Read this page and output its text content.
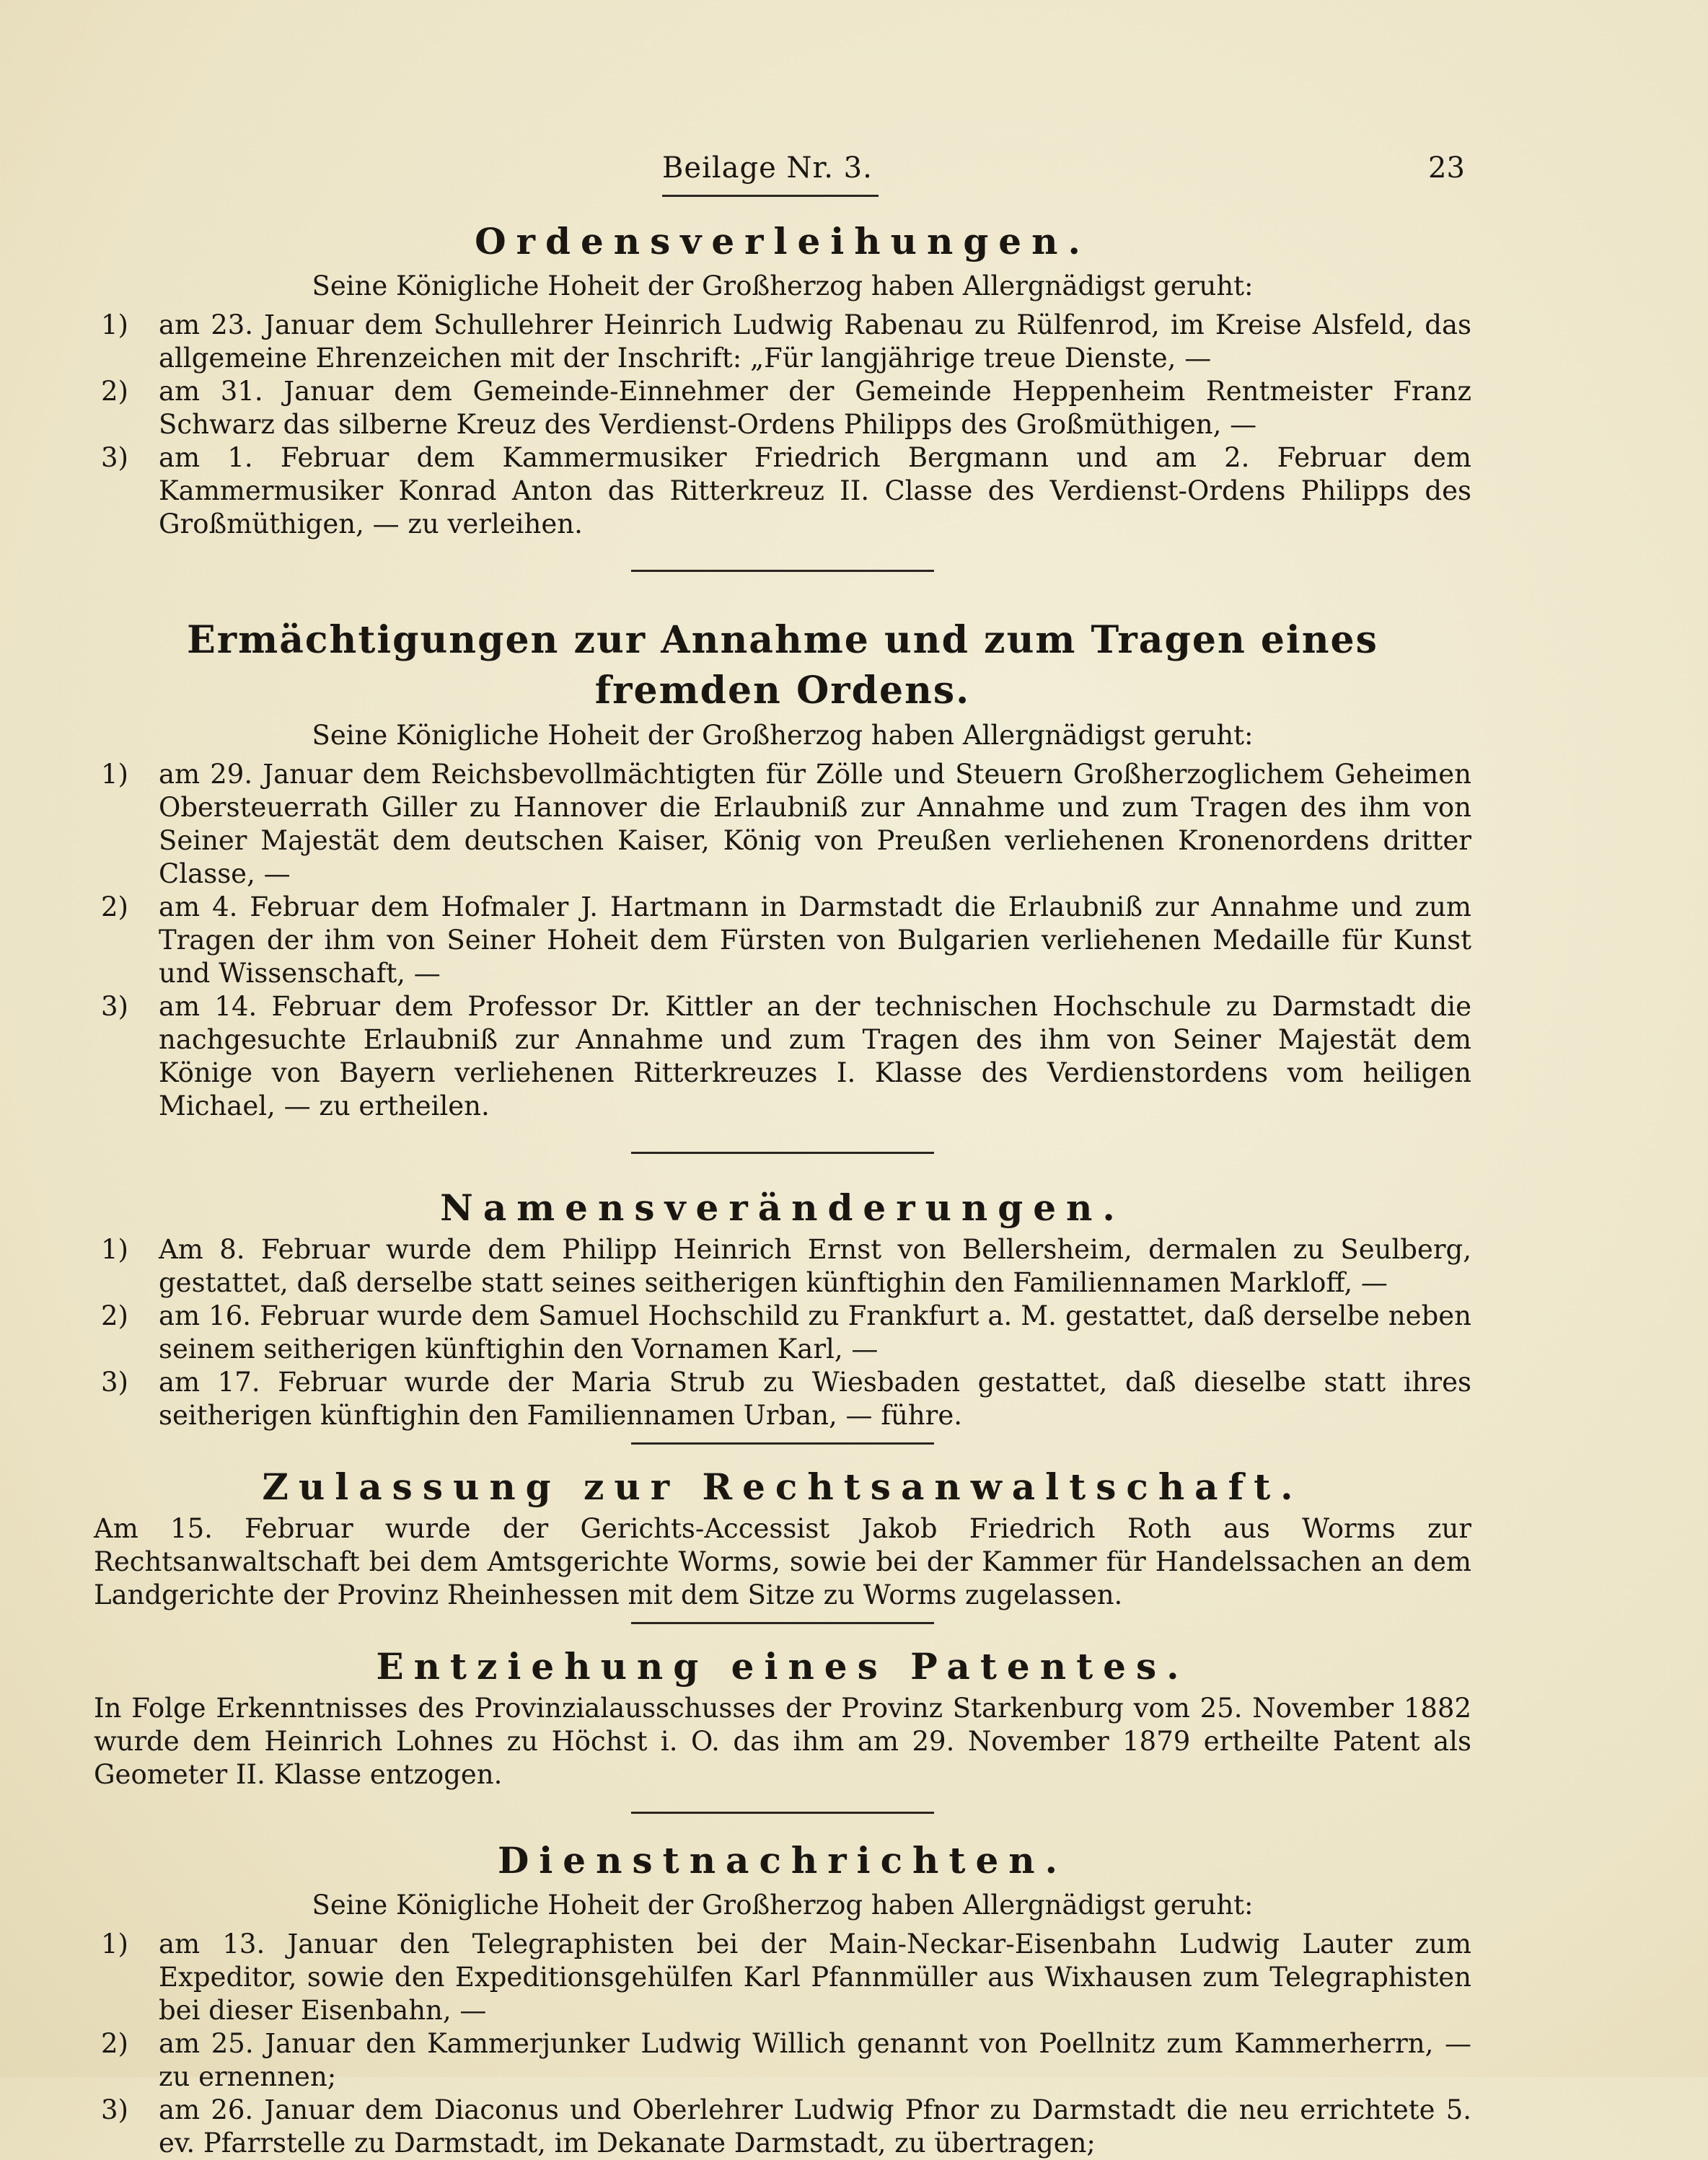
Beilage Nr. 3.	23
Ordensverleihungen.
Seine Königliche Hoheit der Großherzog haben Allergnädigst geruht:
1)	am 23. Januar dem Schullehrer Heinrich Ludwig Rabenau zu Rülfenrod, im Kreise Alsfeld, das allgemeine Ehrenzeichen mit der Inschrift: „Für langjährige treue Dienste, —
2)	am 31. Januar dem Gemeinde-Einnehmer der Gemeinde Heppenheim Rentmeister Franz Schwarz das silberne Kreuz des Verdienst-Ordens Philipps des Großmüthigen, —
3)	am 1. Februar dem Kammermusiker Friedrich Bergmann und am 2. Februar dem Kammermusiker Konrad Anton das Ritterkreuz II. Classe des Verdienst-Ordens Philipps des Großmüthigen, — zu verleihen.
Ermächtigungen zur Annahme und zum Tragen eines fremden Ordens.
Seine Königliche Hoheit der Großherzog haben Allergnädigst geruht:
1)	am 29. Januar dem Reichsbevollmächtigten für Zölle und Steuern Großherzoglichem Geheimen Obersteuerrath Giller zu Hannover die Erlaubniß zur Annahme und zum Tragen des ihm von Seiner Majestät dem deutschen Kaiser, König von Preußen verliehenen Kronenordens dritter Classe, —
2)	am 4. Februar dem Hofmaler J. Hartmann in Darmstadt die Erlaubniß zur Annahme und zum Tragen der ihm von Seiner Hoheit dem Fürsten von Bulgarien verliehenen Medaille für Kunst und Wissenschaft, —
3)	am 14. Februar dem Professor Dr. Kittler an der technischen Hochschule zu Darmstadt die nachgesuchte Erlaubniß zur Annahme und zum Tragen des ihm von Seiner Majestät dem Könige von Bayern verliehenen Ritterkreuzes I. Klasse des Verdienstordens vom heiligen Michael, — zu ertheilen.
Namensveränderungen.
1)	Am 8. Februar wurde dem Philipp Heinrich Ernst von Bellersheim, dermalen zu Seulberg, gestattet, daß derselbe statt seines seitherigen künftighin den Familiennamen Markloff, —
2)	am 16. Februar wurde dem Samuel Hochschild zu Frankfurt a. M. gestattet, daß derselbe neben seinem seitherigen künftighin den Vornamen Karl, —
3)	am 17. Februar wurde der Maria Strub zu Wiesbaden gestattet, daß dieselbe statt ihres seitherigen künftighin den Familiennamen Urban, — führe.
Zulassung zur Rechtsanwaltschaft.
Am 15. Februar wurde der Gerichts-Accessist Jakob Friedrich Roth aus Worms zur Rechtsanwaltschaft bei dem Amtsgerichte Worms, sowie bei der Kammer für Handelssachen an dem Landgerichte der Provinz Rheinhessen mit dem Sitze zu Worms zugelassen.
Entziehung eines Patentes.
In Folge Erkenntnisses des Provinzialausschusses der Provinz Starkenburg vom 25. November 1882 wurde dem Heinrich Lohnes zu Höchst i. O. das ihm am 29. November 1879 ertheilte Patent als Geometer II. Klasse entzogen.
Dienstnachrichten.
Seine Königliche Hoheit der Großherzog haben Allergnädigst geruht:
1)	am 13. Januar den Telegraphisten bei der Main-Neckar-Eisenbahn Ludwig Lauter zum Expeditor, sowie den Expeditionsgehülfen Karl Pfannmüller aus Wixhausen zum Telegraphisten bei dieser Eisenbahn, —
2)	am 25. Januar den Kammerjunker Ludwig Willich genannt von Poellnitz zum Kammerherrn, — zu ernennen;
3)	am 26. Januar dem Diaconus und Oberlehrer Ludwig Pfnor zu Darmstadt die neu errichtete 5. ev. Pfarrstelle zu Darmstadt, im Dekanate Darmstadt, zu übertragen;
